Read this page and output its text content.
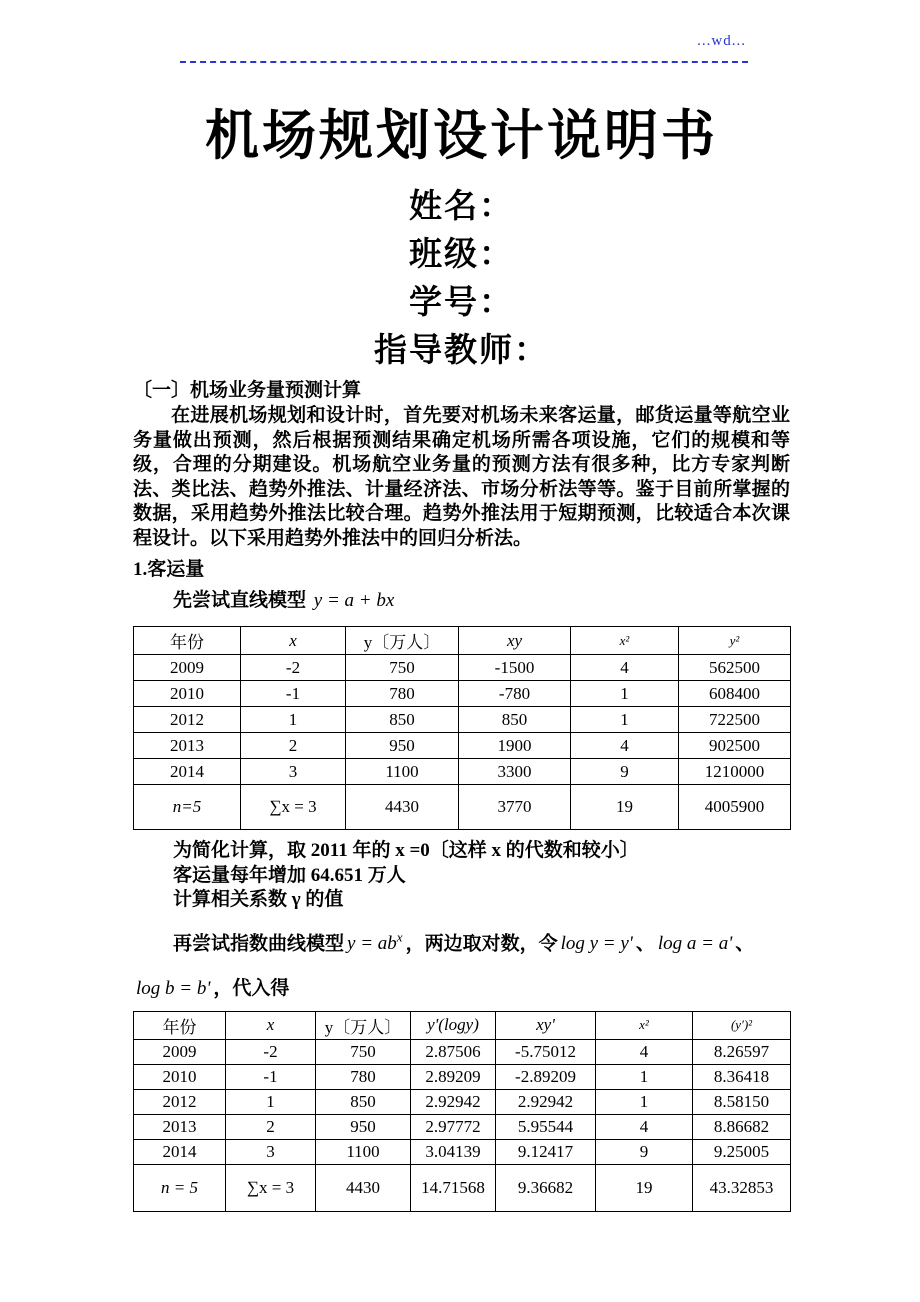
...wd...
机场规划设计说明书
姓名：
班级：
学号：
指导教师：
〔一〕机场业务量预测计算

在进展机场规划和设计时，首先要对机场未来客运量，邮货运量等航空业务量做出预测，然后根据预测结果确定机场所需各项设施，它们的规模和等级，合理的分期建设。机场航空业务量的预测方法有很多种，比方专家判断法、类比法、趋势外推法、计量经济法、市场分析法等等。鉴于目前所掌握的数据，采用趋势外推法比较合理。趋势外推法用于短期预测，比较适合本次课程设计。以下采用趋势外推法中的回归分析法。

1.客运量
先尝试直线模型 y = a + bx
年份	x	y〔万人〕	xy	x²	y²
2009	-2	750	-1500	4	562500
2010	-1	780	-780	1	608400
2012	1	850	850	1	722500
2013	2	950	1900	4	902500
2014	3	1100	3300	9	1210000
n=5	∑x = 3	4430	3770	19	4005900
为简化计算，取 2011 年的 x =0〔这样 x 的代数和较小〕
客运量每年增加 64.651 万人
计算相关系数 γ 的值
再尝试指数曲线模型 $y = ab^x$ ，两边取对数，令 log y = y' 、 log a = a' 、
log b = b' ，代入得
年份	x	y〔万人〕	y'(logy)	xy'	x²	(y')²
2009	-2	750	2.87506	-5.75012	4	8.26597
2010	-1	780	2.89209	-2.89209	1	8.36418
2012	1	850	2.92942	2.92942	1	8.58150
2013	2	950	2.97772	5.95544	4	8.86682
2014	3	1100	3.04139	9.12417	9	9.25005
n = 5	∑x = 3	4430	14.71568	9.36682	19	43.32853
